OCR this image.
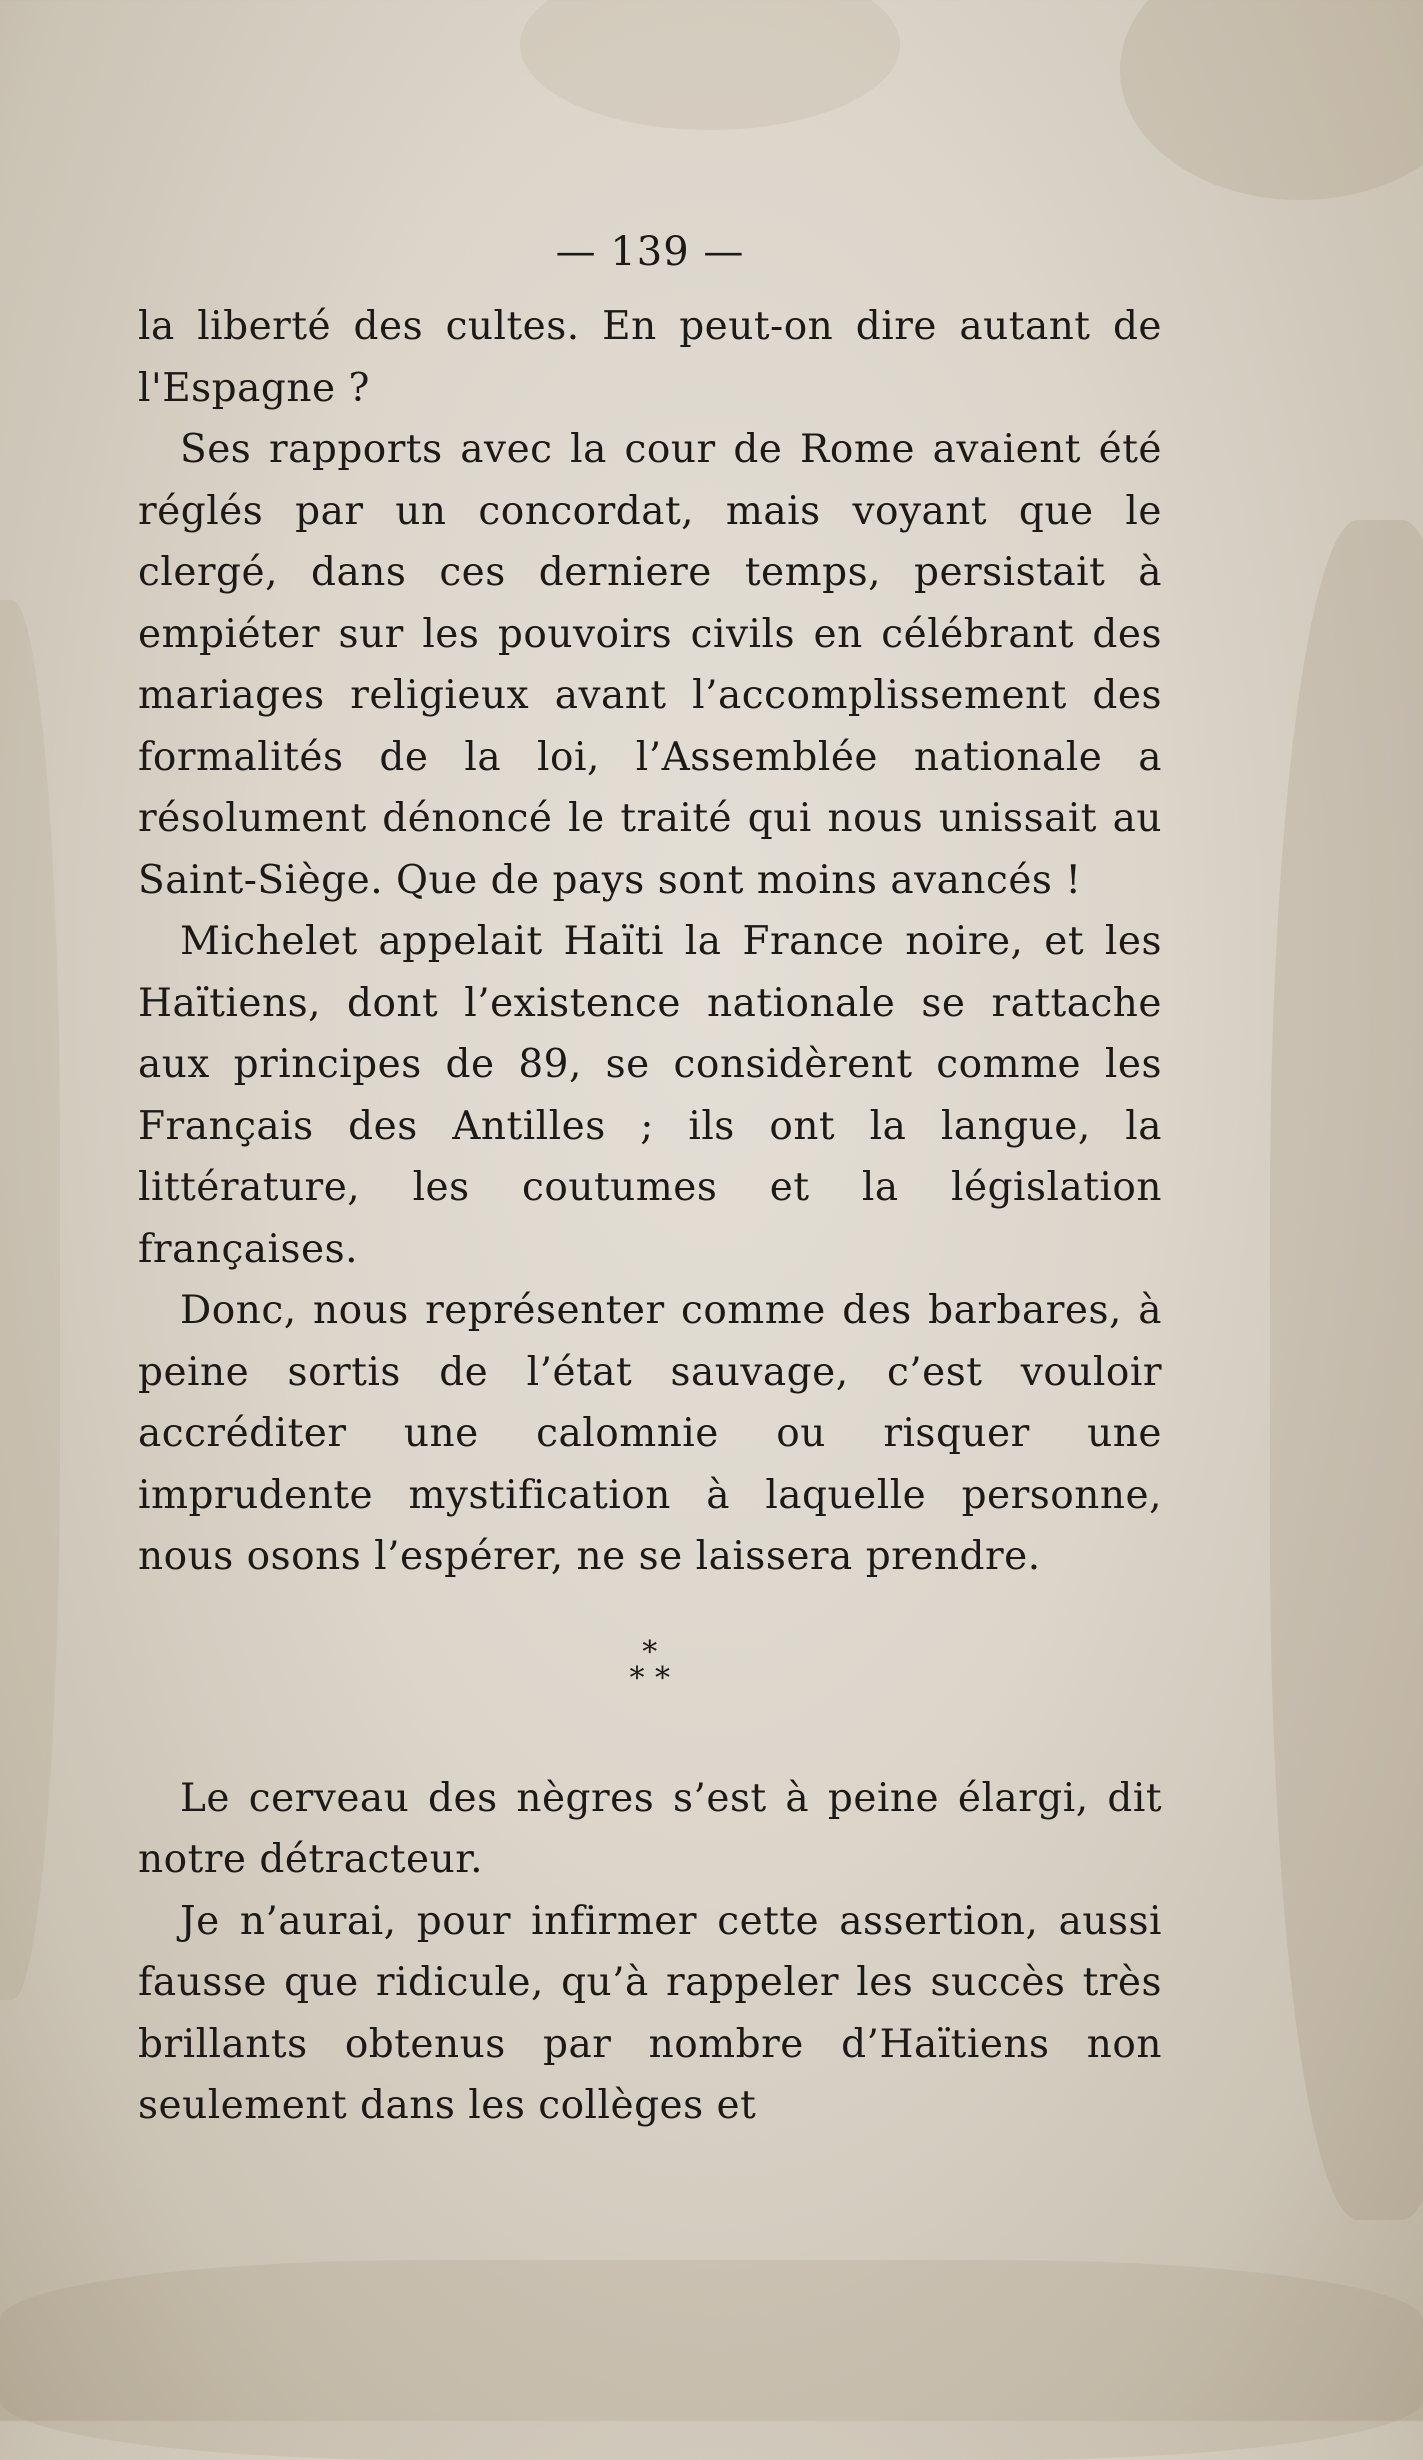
— 139 —

la liberté des cultes. En peut-on dire autant de l'Espagne ?

Ses rapports avec la cour de Rome avaient été réglés par un concordat, mais voyant que le clergé, dans ces derniere temps, persistait à empiéter sur les pouvoirs civils en célébrant des mariages religieux avant l’accomplissement des formalités de la loi, l’Assemblée nationale a résolument dénoncé le traité qui nous unissait au Saint-Siège. Que de pays sont moins avancés !

Michelet appelait Haïti la France noire, et les Haïtiens, dont l’existence nationale se rattache aux principes de 89, se considèrent comme les Français des Antilles ; ils ont la langue, la littérature, les coutumes et la législation françaises.

Donc, nous représenter comme des barbares, à peine sortis de l’état sauvage, c’est vouloir accréditer une calomnie ou risquer une imprudente mystification à laquelle personne, nous osons l’espérer, ne se laissera prendre.

*
* *

Le cerveau des nègres s’est à peine élargi, dit notre détracteur.

Je n’aurai, pour infirmer cette assertion, aussi fausse que ridicule, qu’à rappeler les succès très brillants obtenus par nombre d’Haïtiens non seulement dans les collèges et
